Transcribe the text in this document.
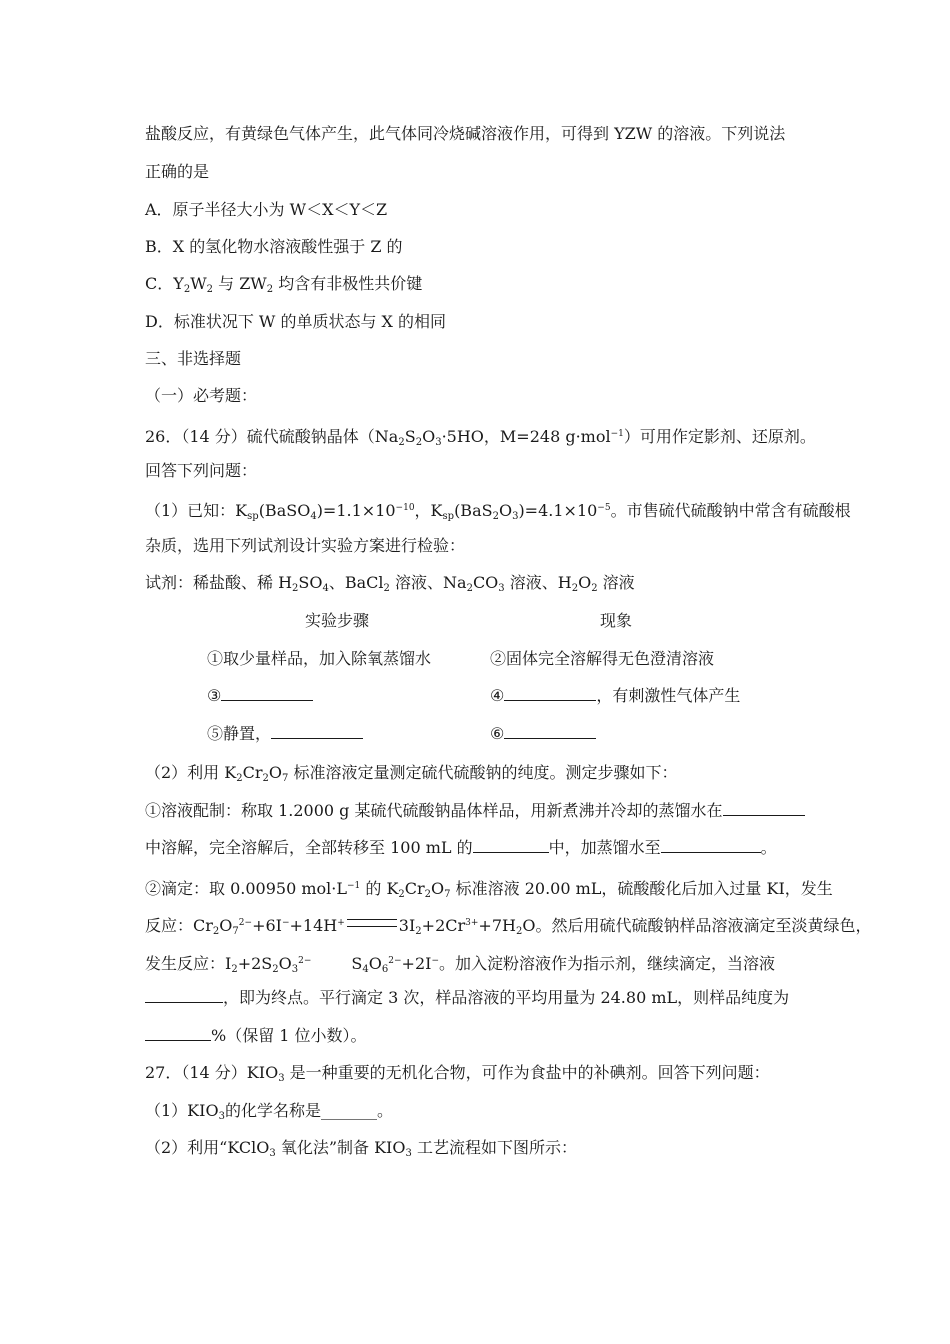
盐酸反应，有黄绿色气体产生，此气体同冷烧碱溶液作用，可得到 YZW 的溶液。下列说法
正确的是
A．原子半径大小为 W＜X＜Y＜Z
B．X 的氢化物水溶液酸性强于 Z 的
C．$Y_2W_2$ 与 $ZW_2$ 均含有非极性共价键
D．标准状况下 W 的单质状态与 X 的相同
三、非选择题
（一）必考题：
26．（14 分）硫代硫酸钠晶体（$Na_2S_2O_3\cdot 5HO$，M=248 g·mol$^{-1}$）可用作定影剂、还原剂。
回答下列问题：
（1）已知：$K_{sp}(BaSO_4)=1.1\times 10^{-10}$，$K_{sp}(BaS_2O_3)=4.1\times 10^{-5}$。市售硫代硫酸钠中常含有硫酸根
杂质，选用下列试剂设计实验方案进行检验：
试剂：稀盐酸、稀 $H_2SO_4$、BaCl$_2$ 溶液、$Na_2CO_3$ 溶液、$H_2O_2$ 溶液
实验步骤	现象
①取少量样品，加入除氧蒸馏水	②固体完全溶解得无色澄清溶液
③	④	，有刺激性气体产生
⑤静置，	⑥
（2）利用 $K_2Cr_2O_7$ 标准溶液定量测定硫代硫酸钠的纯度。测定步骤如下：
①溶液配制：称取 1.2000 g 某硫代硫酸钠晶体样品，用新煮沸并冷却的蒸馏水在
中溶解，完全溶解后，全部转移至 100 mL 的	中，加蒸馏水至	。
②滴定：取 0.00950 $mol\cdot L^{-1}$ 的 $K_2Cr_2O_7$ 标准溶液 20.00 mL，硫酸酸化后加入过量 KI，发生
反应：$Cr_2O_7^{2-}+6I^-+14H^+$	$3I_2+2Cr^{3+}+7H_2O$。然后用硫代硫酸钠样品溶液滴定至淡黄绿色，
发生反应：$I_2+2S_2O_3^{2-}$	$S_4O_6^{2-}+2I^-$。加入淀粉溶液作为指示剂，继续滴定，当溶液
，即为终点。平行滴定 3 次，样品溶液的平均用量为 24.80 mL，则样品纯度为
%（保留 1 位小数）。
27．（14 分）$KIO_3$ 是一种重要的无机化合物，可作为食盐中的补碘剂。回答下列问题：
$(1)KIO_3$的化学名称是_______。
（2）利用“KClO$_3$ 氧化法”制备 $KIO_3$ 工艺流程如下图所示：
